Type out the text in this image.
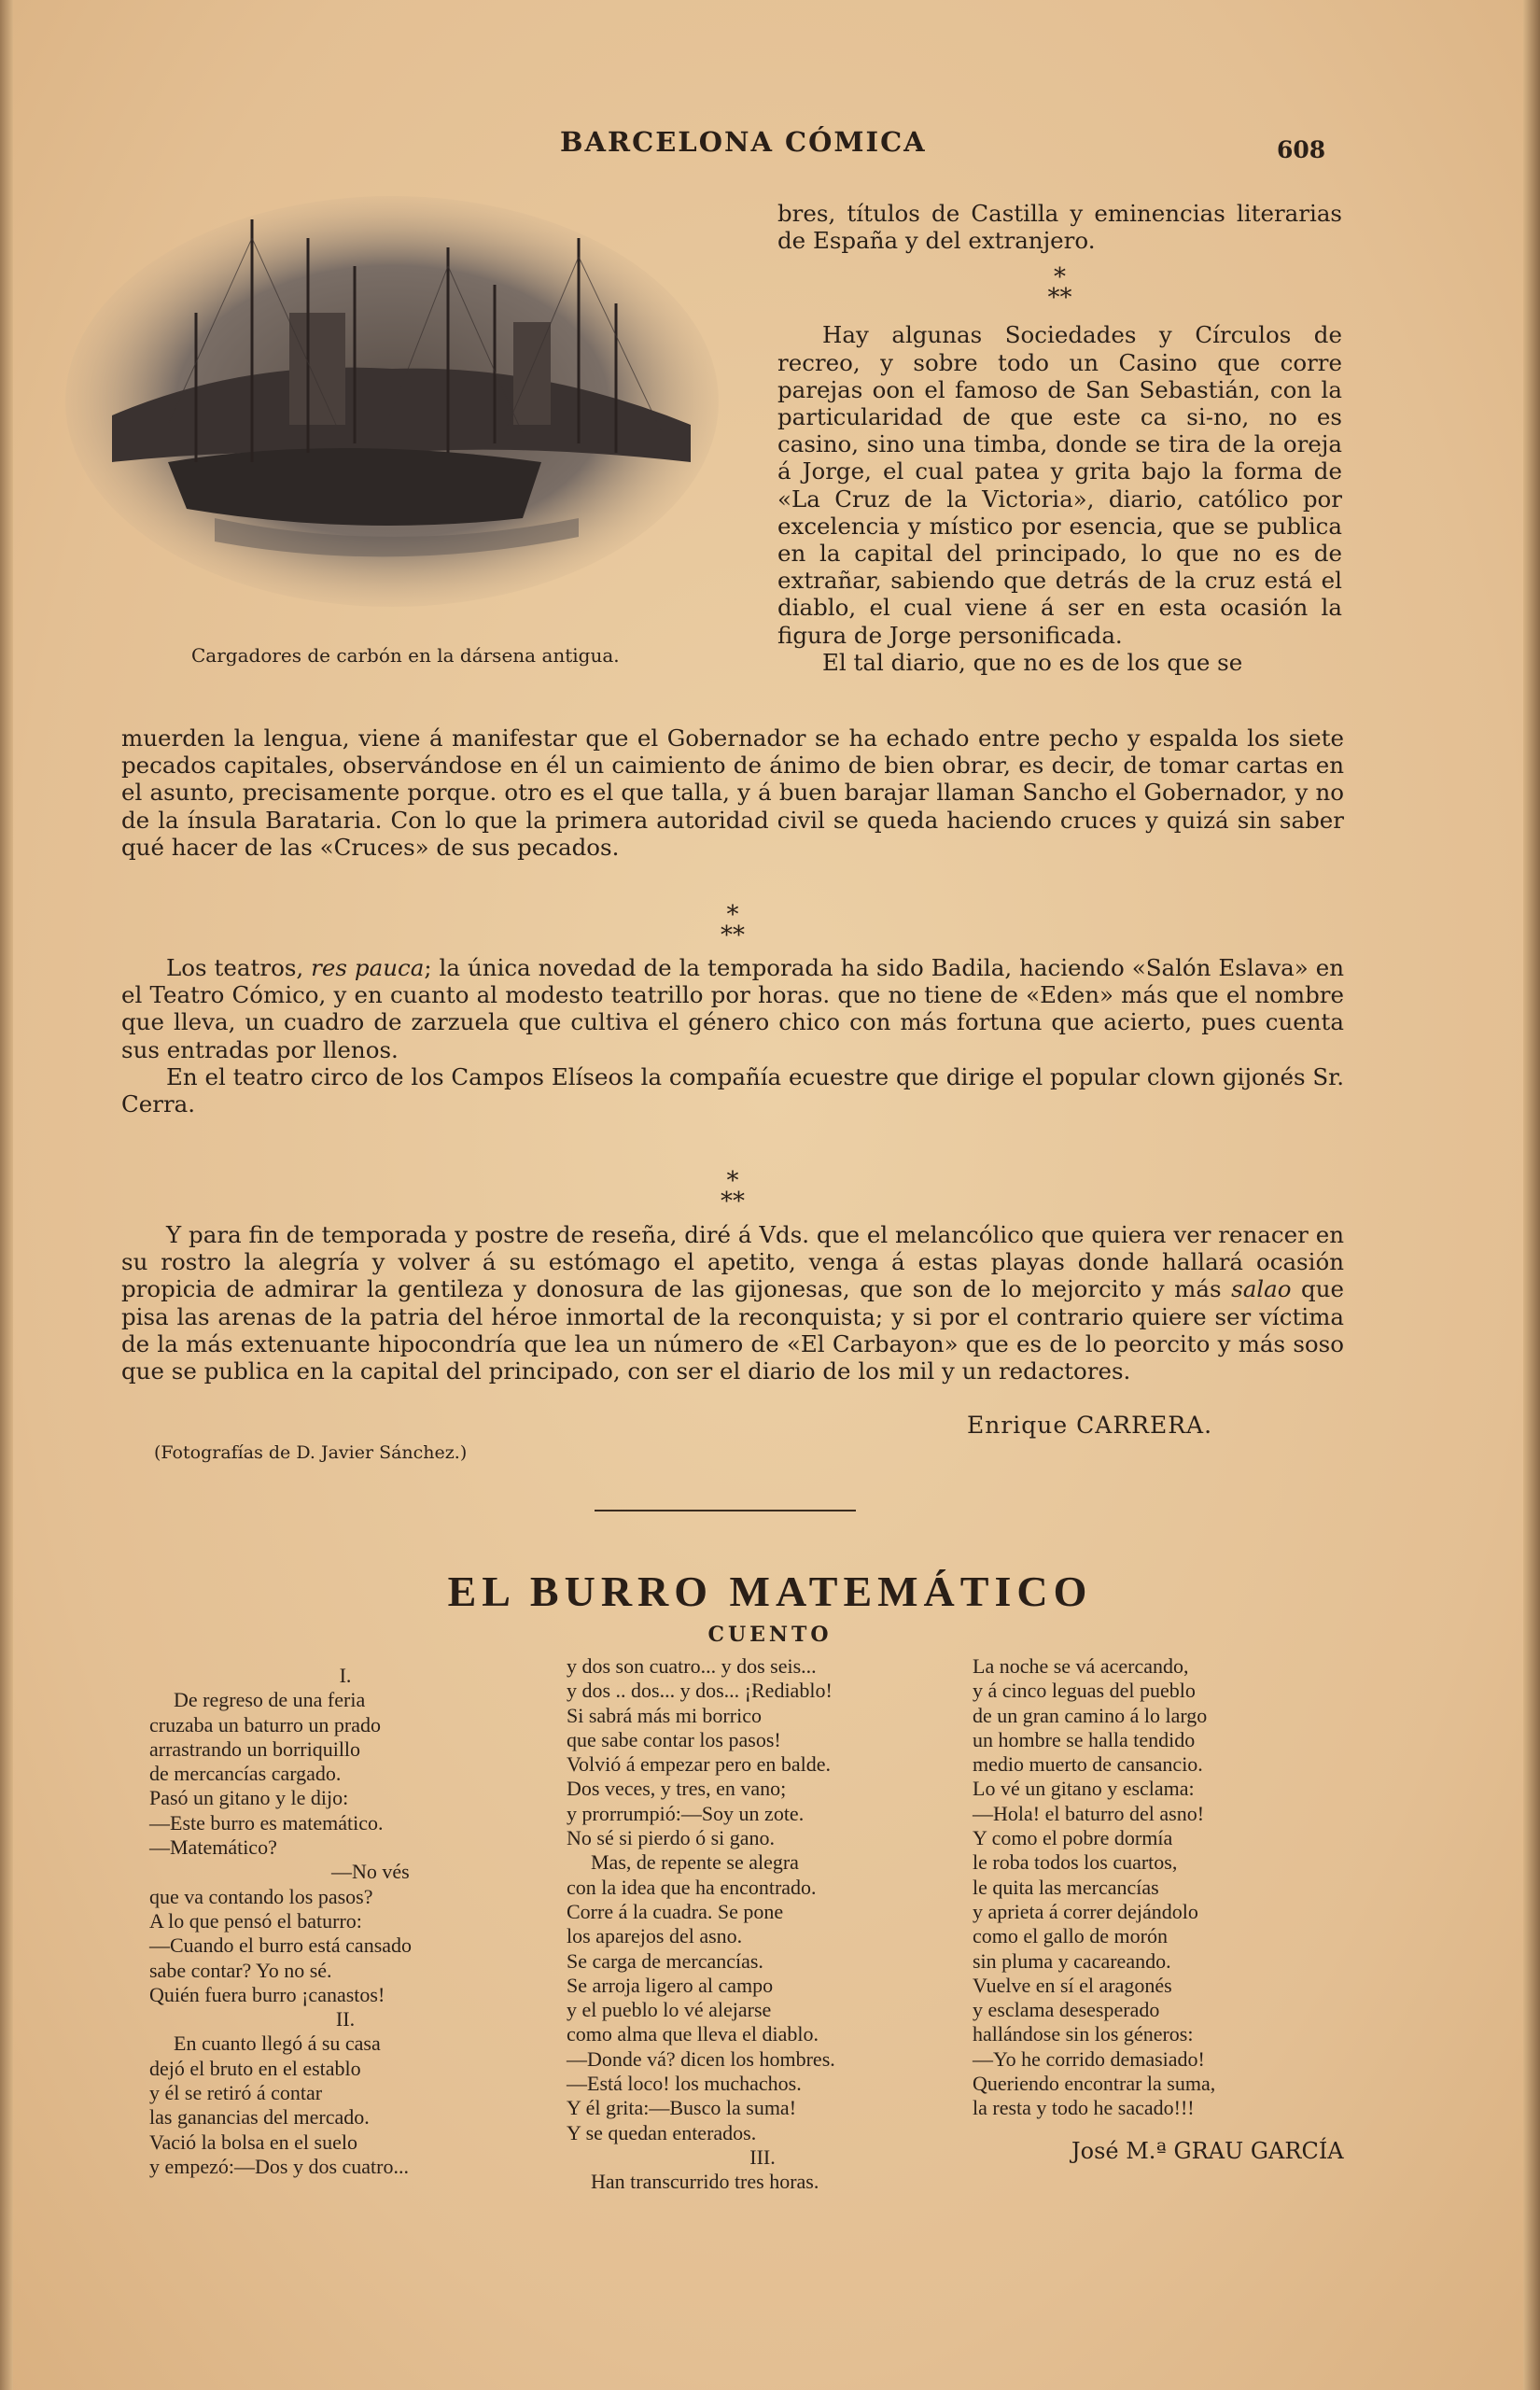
BARCELONA CÓMICA	608
Cargadores de carbón en la dársena antigua.

bres, títulos de Castilla y eminencias literarias de España y del extranjero.

*
**

Hay algunas Sociedades y Círculos de recreo, y sobre todo un Casino que corre parejas oon el famoso de San Sebastián, con la particularidad de que este ca si-no, no es casino, sino una timba, donde se tira de la oreja á Jorge, el cual patea y grita bajo la forma de «La Cruz de la Victoria», diario, católico por excelencia y místico por esencia, que se publica en la capital del principado, lo que no es de extrañar, sabiendo que detrás de la cruz está el diablo, el cual viene á ser en esta ocasión la figura de Jorge personificada.

El tal diario, que no es de los que se

muerden la lengua, viene á manifestar que el Gobernador se ha echado entre pecho y espalda los siete pecados capitales, observándose en él un caimiento de ánimo de bien obrar, es decir, de tomar cartas en el asunto, precisamente porque. otro es el que talla, y á buen barajar llaman Sancho el Gobernador, y no de la ínsula Barataria. Con lo que la primera autoridad civil se queda haciendo cruces y quizá sin saber qué hacer de las «Cruces» de sus pecados.
*
**

Los teatros, res pauca; la única novedad de la temporada ha sido Badila, haciendo «Salón Eslava» en el Teatro Cómico, y en cuanto al modesto teatrillo por horas. que no tiene de «Eden» más que el nombre que lleva, un cuadro de zarzuela que cultiva el género chico con más fortuna que acierto, pues cuenta sus entradas por llenos.

En el teatro circo de los Campos Elíseos la compañía ecuestre que dirige el popular clown gijonés Sr. Cerra.

*
**

Y para fin de temporada y postre de reseña, diré á Vds. que el melancólico que quiera ver renacer en su rostro la alegría y volver á su estómago el apetito, venga á estas playas donde hallará ocasión propicia de admirar la gentileza y donosura de las gijonesas, que son de lo mejorcito y más salao que pisa las arenas de la patria del héroe inmortal de la reconquista; y si por el contrario quiere ser víctima de la más extenuante hipocondría que lea un número de «El Carbayon» que es de lo peorcito y más soso que se publica en la capital del principado, con ser el diario de los mil y un redactores.

Enrique CARRERA.
(Fotografías de D. Javier Sánchez.)
EL BURRO MATEMÁTICO
CUENTO
I.
De regreso de una feria
cruzaba un baturro un prado
arrastrando un borriquillo
de mercancías cargado.
Pasó un gitano y le dijo:
—Este burro es matemático.
—Matemático?
—No vés
que va contando los pasos?
A lo que pensó el baturro:
—Cuando el burro está cansado
sabe contar? Yo no sé.
Quién fuera burro ¡canastos!
II.
En cuanto llegó á su casa
dejó el bruto en el establo
y él se retiró á contar
las ganancias del mercado.
Vació la bolsa en el suelo
y empezó:—Dos y dos cuatro...
y dos son cuatro... y dos seis...
y dos .. dos... y dos... ¡Rediablo!
Si sabrá más mi borrico
que sabe contar los pasos!
Volvió á empezar pero en balde.
Dos veces, y tres, en vano;
y prorrumpió:—Soy un zote.
No sé si pierdo ó si gano.
Mas, de repente se alegra
con la idea que ha encontrado.
Corre á la cuadra. Se pone
los aparejos del asno.
Se carga de mercancías.
Se arroja ligero al campo
y el pueblo lo vé alejarse
como alma que lleva el diablo.
—Donde vá? dicen los hombres.
—Está loco! los muchachos.
Y él grita:—Busco la suma!
Y se quedan enterados.
III.
Han transcurrido tres horas.
La noche se vá acercando,
y á cinco leguas del pueblo
de un gran camino á lo largo
un hombre se halla tendido
medio muerto de cansancio.
Lo vé un gitano y esclama:
—Hola! el baturro del asno!
Y como el pobre dormía
le roba todos los cuartos,
le quita las mercancías
y aprieta á correr dejándolo
como el gallo de morón
sin pluma y cacareando.
Vuelve en sí el aragonés
y esclama desesperado
hallándose sin los géneros:
—Yo he corrido demasiado!
Queriendo encontrar la suma,
la resta y todo he sacado!!!
José M.ª GRAU GARCÍA
